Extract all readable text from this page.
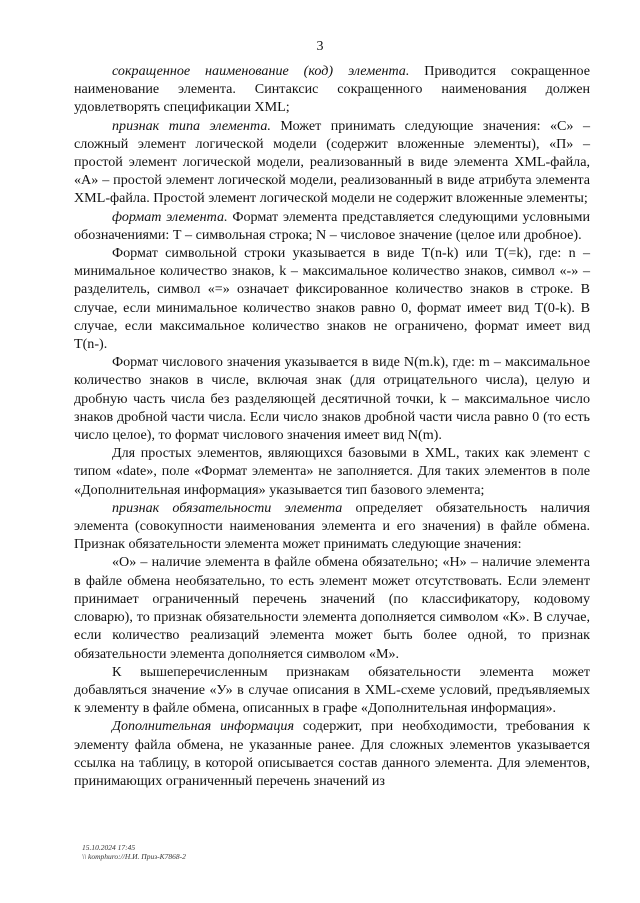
3

сокращенное наименование (код) элемента. Приводится сокращенное наименование элемента. Синтаксис сокращенного наименования должен удовлетворять спецификации XML;

признак типа элемента. Может принимать следующие значения: «С» – сложный элемент логической модели (содержит вложенные элементы), «П» – простой элемент логической модели, реализованный в виде элемента XML-файла, «А» – простой элемент логической модели, реализованный в виде атрибута элемента XML-файла. Простой элемент логической модели не содержит вложенные элементы;

формат элемента. Формат элемента представляется следующими условными обозначениями: Т – символьная строка; N – числовое значение (целое или дробное).

Формат символьной строки указывается в виде Т(n-k) или Т(=k), где: n – минимальное количество знаков, k – максимальное количество знаков, символ «-» – разделитель, символ «=» означает фиксированное количество знаков в строке. В случае, если минимальное количество знаков равно 0, формат имеет вид Т(0-k). В случае, если максимальное количество знаков не ограничено, формат имеет вид Т(n-).

Формат числового значения указывается в виде N(m.k), где: m – максимальное количество знаков в числе, включая знак (для отрицательного числа), целую и дробную часть числа без разделяющей десятичной точки, k – максимальное число знаков дробной части числа. Если число знаков дробной части числа равно 0 (то есть число целое), то формат числового значения имеет вид N(m).

Для простых элементов, являющихся базовыми в XML, таких как элемент с типом «date», поле «Формат элемента» не заполняется. Для таких элементов в поле «Дополнительная информация» указывается тип базового элемента;

признак обязательности элемента определяет обязательность наличия элемента (совокупности наименования элемента и его значения) в файле обмена. Признак обязательности элемента может принимать следующие значения:

«О» – наличие элемента в файле обмена обязательно; «Н» – наличие элемента в файле обмена необязательно, то есть элемент может отсутствовать. Если элемент принимает ограниченный перечень значений (по классификатору, кодовому словарю), то признак обязательности элемента дополняется символом «К». В случае, если количество реализаций элемента может быть более одной, то признак обязательности элемента дополняется символом «М».

К вышеперечисленным признакам обязательности элемента может добавляться значение «У» в случае описания в XML-схеме условий, предъявляемых к элементу в файле обмена, описанных в графе «Дополнительная информация».

Дополнительная информация содержит, при необходимости, требования к элементу файла обмена, не указанные ранее. Для сложных элементов указывается ссылка на таблицу, в которой описывается состав данного элемента. Для элементов, принимающих ограниченный перечень значений из

15.10.2024 17:45
\\ komphuro://Н.И. Приз-К7868-2
